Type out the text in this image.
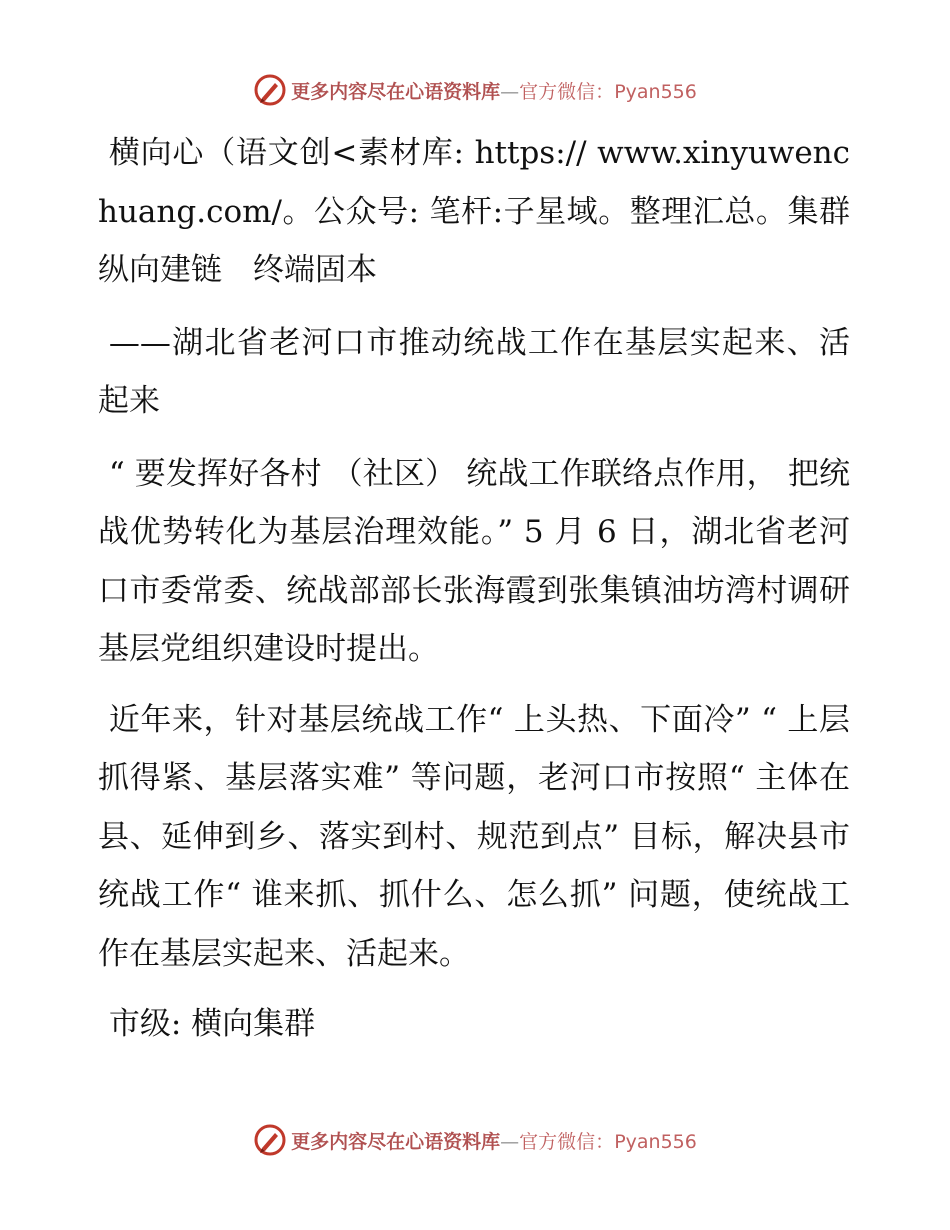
更多内容尽在心语资料库—官方微信：Pyan556

横向心（语文创<素材库: https:// www.xinyuwenchuang.com/。公众号: 笔杆:子星域。整理汇总。集群　纵向建链　终端固本

——湖北省老河口市推动统战工作在基层实起来、活起来

“ 要发挥好各村 （社区） 统战工作联络点作用， 把统战优势转化为基层治理效能。” 5 月 6 日，湖北省老河口市委常委、统战部部长张海霞到张集镇油坊湾村调研基层党组织建设时提出。

近年来，针对基层统战工作“ 上头热、下面冷” “ 上层抓得紧、基层落实难” 等问题，老河口市按照“ 主体在县、延伸到乡、落实到村、规范到点” 目标，解决县市统战工作“ 谁来抓、抓什么、怎么抓” 问题，使统战工作在基层实起来、活起来。

市级: 横向集群

更多内容尽在心语资料库—官方微信：Pyan556
